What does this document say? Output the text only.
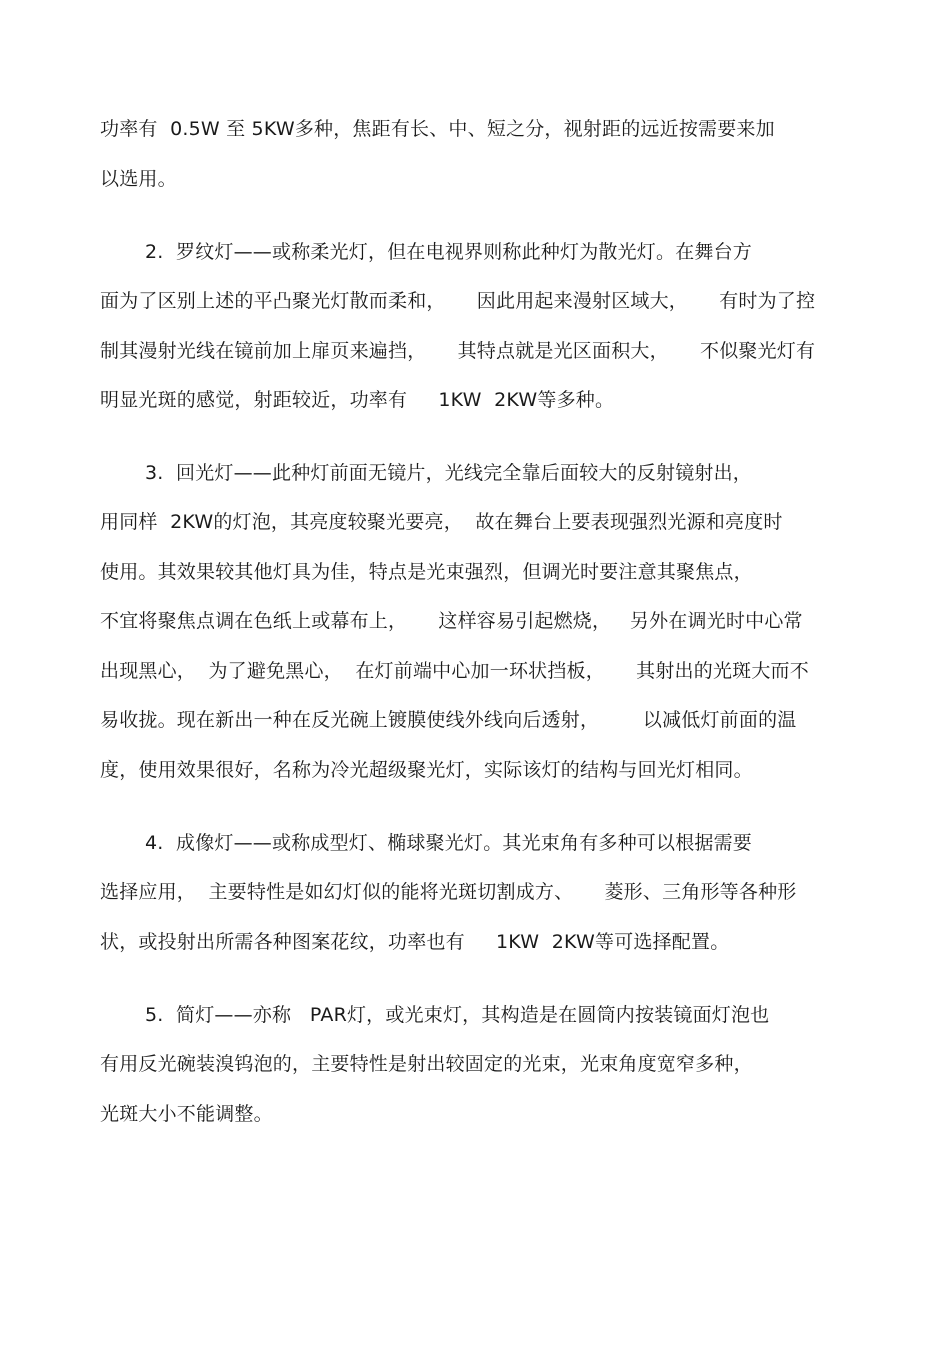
功率有  0.5W 至 5KW多种，焦距有长、中、短之分，视射距的远近按需要来加
以选用。
2.  罗纹灯——或称柔光灯，但在电视界则称此种灯为散光灯。在舞台方
面为了区别上述的平凸聚光灯散而柔和，     因此用起来漫射区域大，     有时为了控
制其漫射光线在镜前加上扉页来遍挡，     其特点就是光区面积大，     不似聚光灯有
明显光斑的感觉，射距较近，功率有     1KW  2KW等多种。
3.  回光灯——此种灯前面无镜片，光线完全靠后面较大的反射镜射出，
用同样  2KW的灯泡，其亮度较聚光要亮，  故在舞台上要表现强烈光源和亮度时
使用。其效果较其他灯具为佳，特点是光束强烈，但调光时要注意其聚焦点，
不宜将聚焦点调在色纸上或幕布上，     这样容易引起燃烧，   另外在调光时中心常
出现黑心，  为了避免黑心，  在灯前端中心加一环状挡板，     其射出的光斑大而不
易收拢。现在新出一种在反光碗上镀膜使线外线向后透射，       以减低灯前面的温
度，使用效果很好，名称为冷光超级聚光灯，实际该灯的结构与回光灯相同。
4.  成像灯——或称成型灯、椭球聚光灯。其光束角有多种可以根据需要
选择应用，  主要特性是如幻灯似的能将光斑切割成方、     菱形、三角形等各种形
状，或投射出所需各种图案花纹，功率也有     1KW  2KW等可选择配置。
5.  简灯——亦称   PAR灯，或光束灯，其构造是在圆筒内按装镜面灯泡也
有用反光碗装溴钨泡的，主要特性是射出较固定的光束，光束角度宽窄多种，
光斑大小不能调整。
